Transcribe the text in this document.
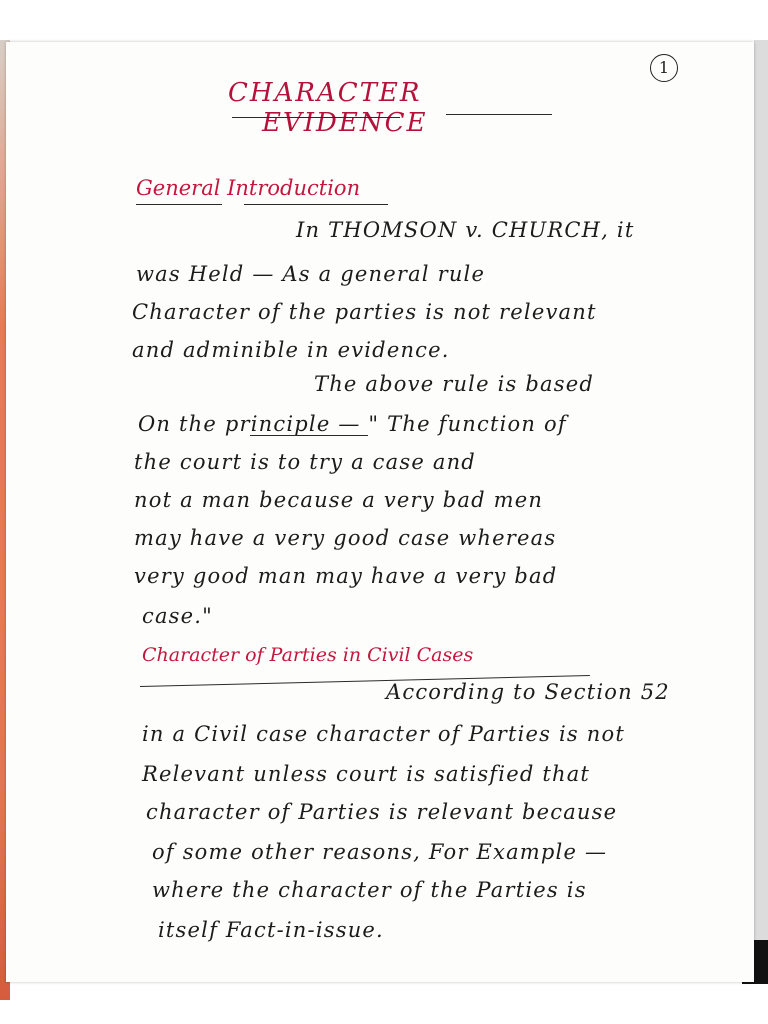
1
CHARACTER EVIDENCE
General Introduction
In THOMSON v. CHURCH, it
was Held — As a general rule
Character of the parties is not relevant
and adminible in evidence.
The above rule is based
On the principle — " The function of
the court is to try a case and
not a man because a very bad men
may have a very good case whereas
very good man may have a very bad
case."
Character of Parties in Civil Cases
According to Section 52
in a Civil case character of Parties is not
Relevant unless court is satisfied that
character of Parties is relevant because
of some other reasons, For Example —
where the character of the Parties is
itself Fact-in-issue.
